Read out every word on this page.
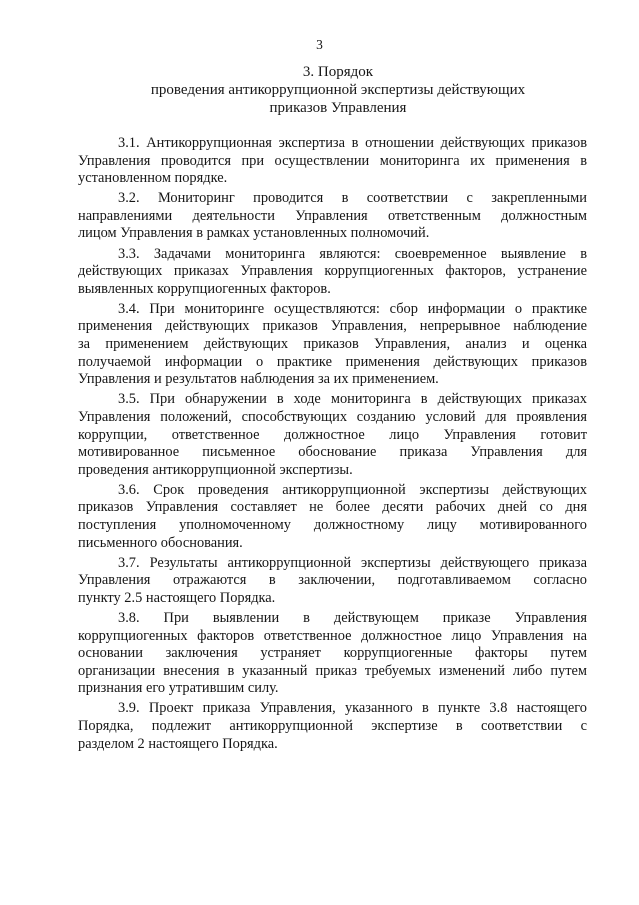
3
3. Порядок
проведения антикоррупционной экспертизы действующих
приказов Управления
3.1. Антикоррупционная экспертиза в отношении действующих приказов
Управления проводится при осуществлении мониторинга их применения в
установленном порядке.
3.2. Мониторинг проводится в соответствии с закрепленными
направлениями деятельности Управления ответственным должностным
лицом Управления в рамках установленных полномочий.
3.3. Задачами мониторинга являются: своевременное выявление в
действующих приказах Управления коррупциогенных факторов, устранение
выявленных коррупциогенных факторов.
3.4. При мониторинге осуществляются: сбор информации о практике
применения действующих приказов Управления, непрерывное наблюдение
за применением действующих приказов Управления, анализ и оценка
получаемой информации о практике применения действующих приказов
Управления и результатов наблюдения за их применением.
3.5. При обнаружении в ходе мониторинга в действующих приказах
Управления положений, способствующих созданию условий для проявления
коррупции, ответственное должностное лицо Управления готовит
мотивированное письменное обоснование приказа Управления для
проведения антикоррупционной экспертизы.
3.6. Срок проведения антикоррупционной экспертизы действующих
приказов Управления составляет не более десяти рабочих дней со дня
поступления уполномоченному должностному лицу мотивированного
письменного обоснования.
3.7. Результаты антикоррупционной экспертизы действующего приказа
Управления отражаются в заключении, подготавливаемом согласно
пункту 2.5 настоящего Порядка.
3.8. При выявлении в действующем приказе Управления
коррупциогенных факторов ответственное должностное лицо Управления на
основании заключения устраняет коррупциогенные факторы путем
организации внесения в указанный приказ требуемых изменений либо путем
признания его утратившим силу.
3.9. Проект приказа Управления, указанного в пункте 3.8 настоящего
Порядка, подлежит антикоррупционной экспертизе в соответствии с
разделом 2 настоящего Порядка.
